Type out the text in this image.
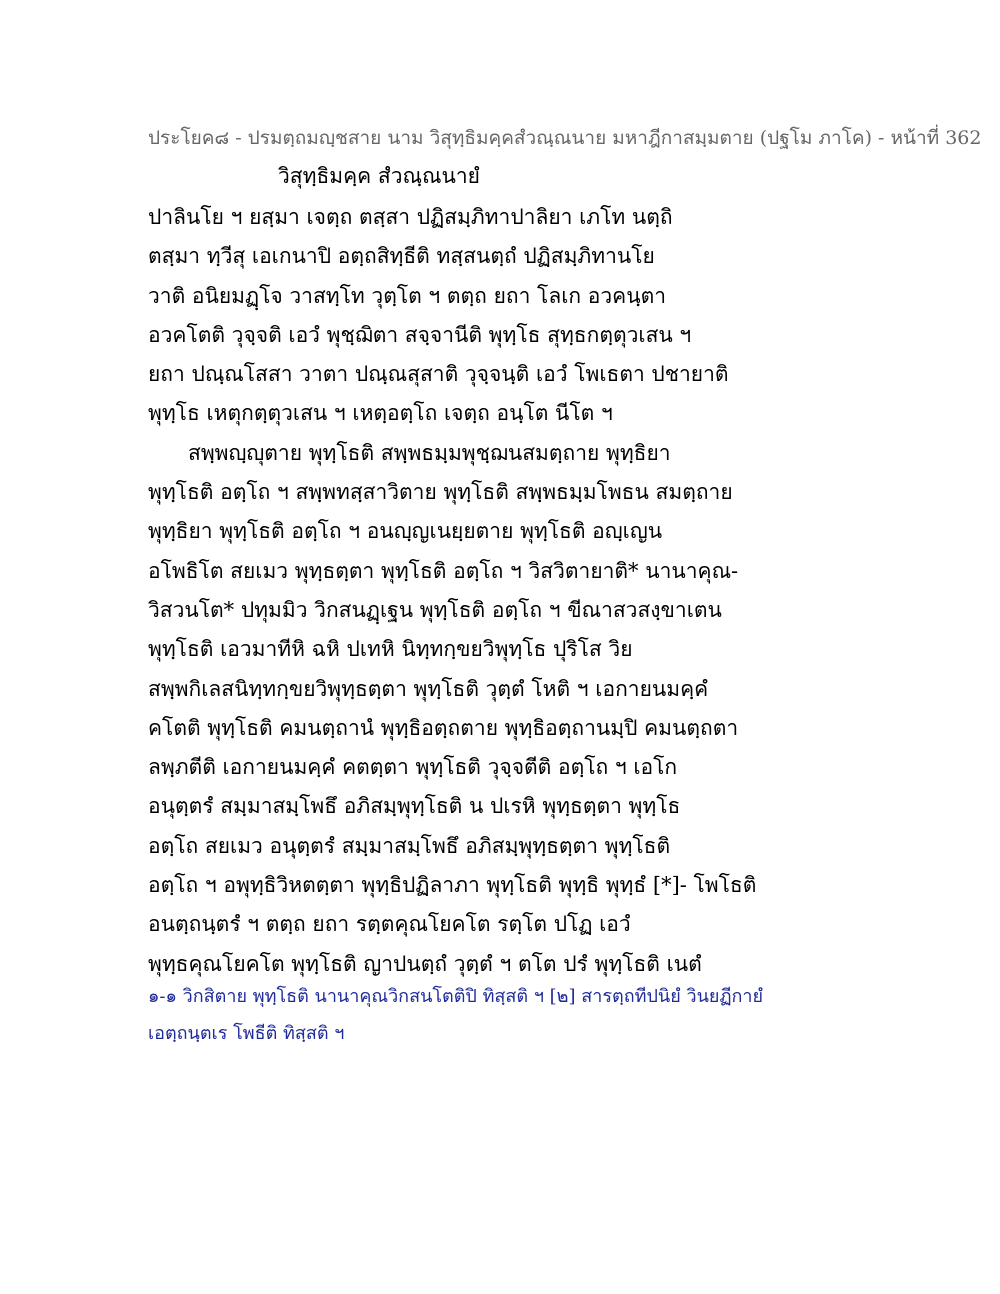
ประโยค๘ - ปรมตฺถมญฺชสาย นาม วิสุทฺธิมคฺคสํวณฺณนาย มหาฎีกาสมฺมตาย (ปฐโม ภาโค) - หน้าที่ 362
วิสุทฺธิมคฺค สํวณฺณนายํ
ปาลินโย ฯ ยสฺมา เจตฺถ ตสฺสา ปฏิสมฺภิทาปาลิยา เภโท นตฺถิ
ตสฺมา ทฺวีสุ เอเกนาปิ อตฺถสิทฺธีติ ทสฺสนตฺถํ ปฏิสมฺภิทานโย
วาติ อนิยมฏฺโจ วาสทฺโท วุตฺโต ฯ ตตฺถ ยถา โลเก อวคนฺตา
อวคโตติ วุจฺจติ เอวํ พุชฺฌิตา สจฺจานีติ พุทฺโธ สุทฺธกตฺตุวเสน ฯ
ยถา ปณฺณโสสา วาตา ปณฺณสุสาติ วุจฺจนฺติ เอวํ โพเธตา ปชายาติ
พุทฺโธ เหตุกตฺตุวเสน ฯ เหตฺอตฺโถ เจตฺถ อนฺโต นีโต ฯ
สพฺพญฺญุตาย พุทฺโธติ สพฺพธมฺมพุชฺฌนสมตฺถาย พุทฺธิยา
พุทฺโธติ อตฺโถ ฯ สพฺพทสฺสาวิตาย พุทฺโธติ สพฺพธมฺมโพธน สมตฺถาย
พุทฺธิยา พุทฺโธติ อตฺโถ ฯ อนญฺญเนยฺยตาย พุทฺโธติ อญฺเญน
อโพธิโต สยเมว พุทฺธตฺตา พุทฺโธติ อตฺโถ ฯ วิสวิตายาติ* นานาคุณ-
วิสวนโต* ปทุมมิว วิกสนฏฺเฐน พุทฺโธติ อตฺโถ ฯ ขีณาสวสงฺขาเตน
พุทฺโธติ เอวมาทีหิ ฉหิ ปเทหิ นิทฺทกฺขยวิพุทฺโธ ปุริโส วิย
สพฺพกิเลสนิทฺทกฺขยวิพุทฺธตฺตา พุทฺโธติ วุตฺตํ โหติ ฯ เอกายนมคฺคํ
คโตติ พุทฺโธติ คมนตฺถานํ พุทฺธิอตฺถตาย พุทฺธิอตฺถานมฺปิ คมนตฺถตา
ลพฺภตีติ เอกายนมคฺคํ คตตฺตา พุทฺโธติ วุจฺจตีติ อตฺโถ ฯ เอโก
อนุตฺตรํ สมฺมาสมฺโพธึ อภิสมฺพุทฺโธติ น ปเรหิ พุทฺธตฺตา พุทฺโธ
อตฺโถ สยเมว อนุตฺตรํ สมฺมาสมฺโพธึ อภิสมฺพุทฺธตฺตา พุทฺโธติ
อตฺโถ ฯ อพุทฺธิวิหตตฺตา พุทฺธิปฏิลาภา พุทฺโธติ พุทฺธิ พุทฺธํ [*]- โพโธติ
อนตฺถนฺตรํ ฯ ตตฺถ ยถา รตฺตคุณโยคโต รตฺโต ปโฏ เอวํ
พุทฺธคุณโยคโต พุทฺโธติ ญาปนตฺถํ วุตฺตํ ฯ ตโต ปรํ พุทฺโธติ เนตํ
๑-๑ วิกสิตาย พุทฺโธติ นานาคุณวิกสนโตติปิ ทิสฺสติ ฯ [๒] สารตฺถทีปนิยํ วินยฏีกายํ
เอตฺถนฺตเร โพธีติ ทิสฺสติ ฯ
